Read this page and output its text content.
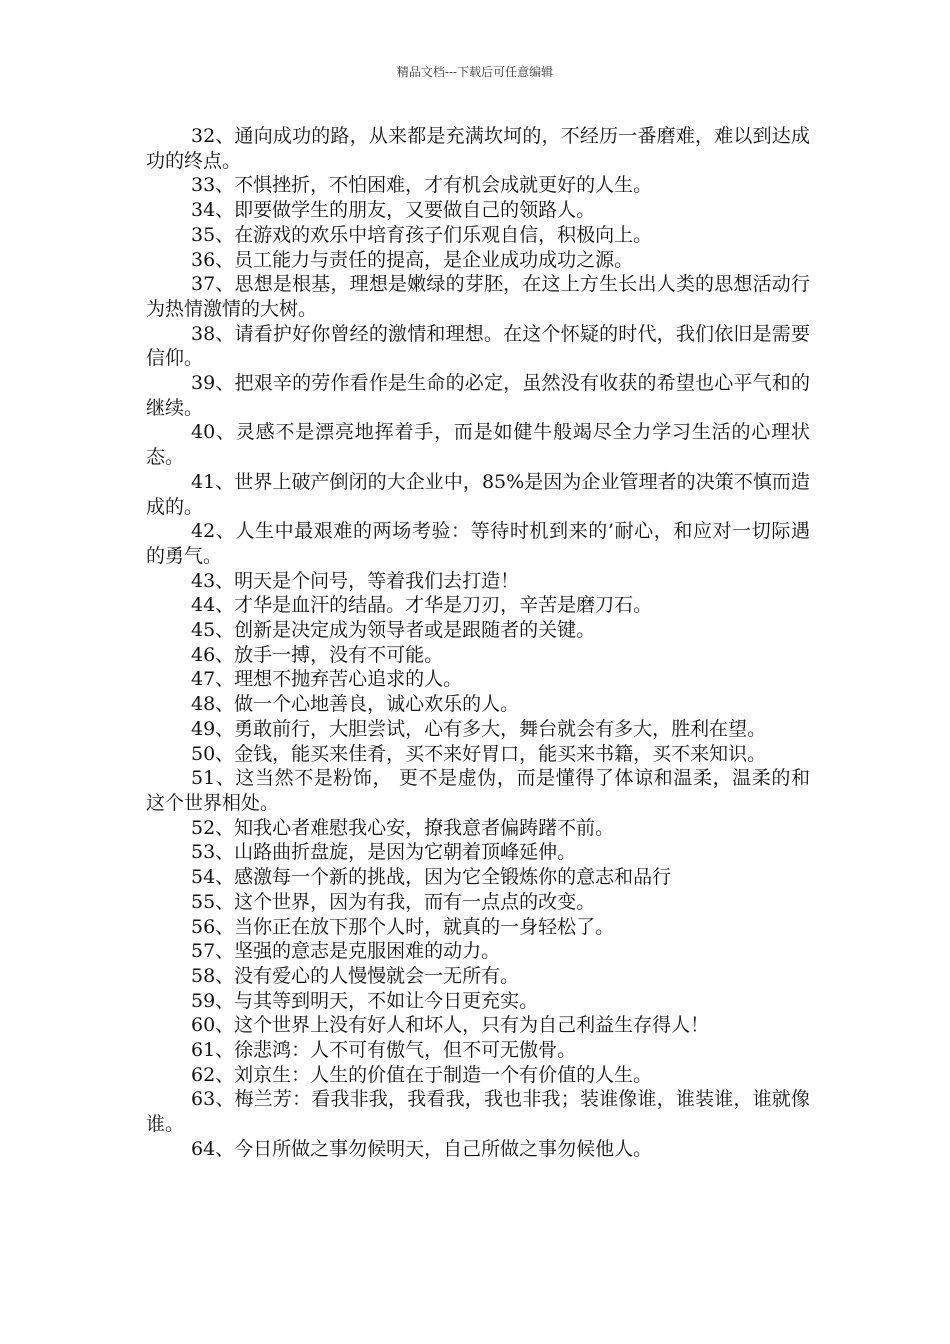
精品文档---下载后可任意编辑

32、通向成功的路，从来都是充满坎坷的，不经历一番磨难，难以到达成功的终点。

33、不惧挫折，不怕困难，才有机会成就更好的人生。

34、即要做学生的朋友，又要做自己的领路人。

35、在游戏的欢乐中培育孩子们乐观自信，积极向上。

36、员工能力与责任的提高，是企业成功成功之源。

37、思想是根基，理想是嫩绿的芽胚，在这上方生长出人类的思想活动行为热情激情的大树。

38、请看护好你曾经的激情和理想。在这个怀疑的时代，我们依旧是需要信仰。

39、把艰辛的劳作看作是生命的必定，虽然没有收获的希望也心平气和的继续。

40、灵感不是漂亮地挥着手，而是如健牛般竭尽全力学习生活的心理状态。

41、世界上破产倒闭的大企业中，85%是因为企业管理者的决策不慎而造成的。

42、人生中最艰难的两场考验：等待时机到来的’耐心，和应对一切际遇的勇气。

43、明天是个问号，等着我们去打造！

44、才华是血汗的结晶。才华是刀刃，辛苦是磨刀石。

45、创新是决定成为领导者或是跟随者的关键。

46、放手一搏，没有不可能。

47、理想不抛弃苦心追求的人。

48、做一个心地善良，诚心欢乐的人。

49、勇敢前行，大胆尝试，心有多大，舞台就会有多大，胜利在望。

50、金钱，能买来佳肴，买不来好胃口，能买来书籍，买不来知识。

51、这当然不是粉饰， 更不是虚伪，而是懂得了体谅和温柔，温柔的和这个世界相处。

52、知我心者难慰我心安，撩我意者偏踌躇不前。

53、山路曲折盘旋，是因为它朝着顶峰延伸。

54、感激每一个新的挑战，因为它全锻炼你的意志和品行

55、这个世界，因为有我，而有一点点的改变。

56、当你正在放下那个人时，就真的一身轻松了。

57、坚强的意志是克服困难的动力。

58、没有爱心的人慢慢就会一无所有。

59、与其等到明天，不如让今日更充实。

60、这个世界上没有好人和坏人，只有为自己利益生存得人！

61、徐悲鸿：人不可有傲气，但不可无傲骨。

62、刘京生：人生的价值在于制造一个有价值的人生。

63、梅兰芳：看我非我，我看我，我也非我；装谁像谁，谁装谁，谁就像谁。

64、今日所做之事勿候明天，自己所做之事勿候他人。
